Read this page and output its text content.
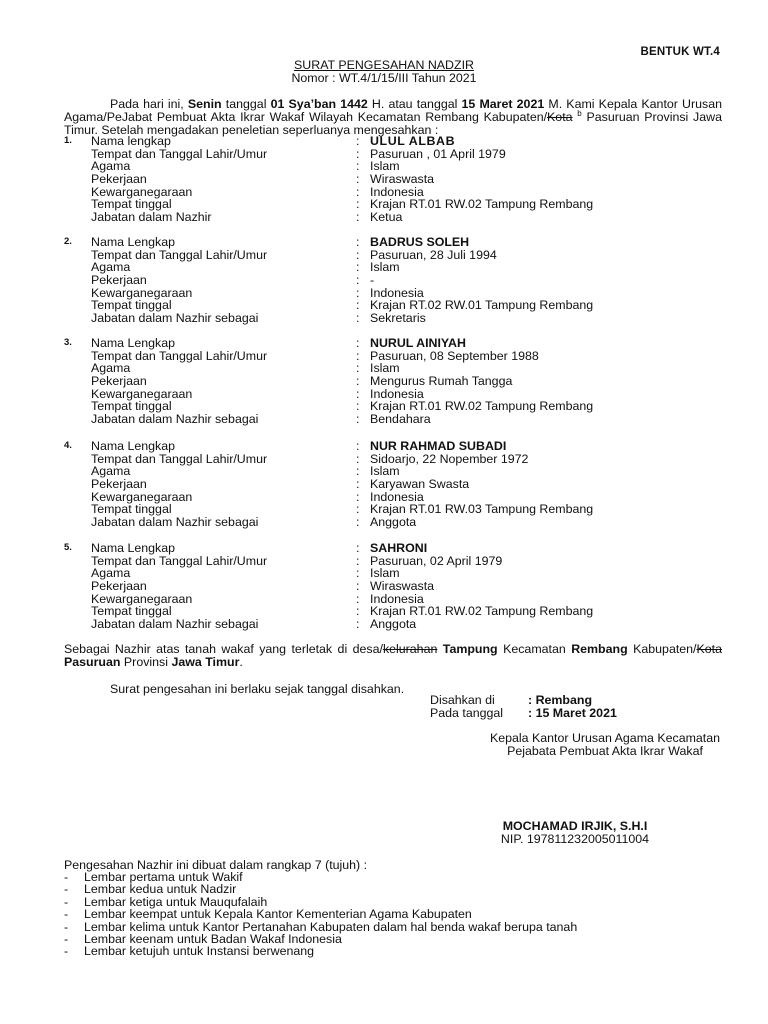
BENTUK WT.4
SURAT PENGESAHAN NADZIR
Nomor : WT.4/1/15/III Tahun 2021

Pada hari ini, Senin tanggal 01 Sya’ban 1442 H. atau tanggal 15 Maret 2021 M. Kami Kepala Kantor Urusan Agama/PeJabat Pembuat Akta Ikrar Wakaf Wilayah Kecamatan Rembang Kabupaten/Kota $^b$ Pasuruan Provinsi Jawa Timur. Setelah mengadakan peneletian seperluanya mengesahkan :

1. Nama lengkap	: ULUL ALBAB
Tempat dan Tanggal Lahir/Umur	: Pasuruan , 01 April 1979
Agama	: Islam
Pekerjaan	: Wiraswasta
Kewarganegaraan	: Indonesia
Tempat tinggal	: Krajan RT.01 RW.02 Tampung Rembang
Jabatan dalam Nazhir	: Ketua
2. Nama Lengkap	: BADRUS SOLEH
Tempat dan Tanggal Lahir/Umur	: Pasuruan, 28 Juli 1994
Agama	: Islam
Pekerjaan	: -
Kewarganegaraan	: Indonesia
Tempat tinggal	: Krajan RT.02 RW.01 Tampung Rembang
Jabatan dalam Nazhir sebagai	: Sekretaris
3. Nama Lengkap	: NURUL AINIYAH
Tempat dan Tanggal Lahir/Umur	: Pasuruan, 08 September 1988
Agama	: Islam
Pekerjaan	: Mengurus Rumah Tangga
Kewarganegaraan	: Indonesia
Tempat tinggal	: Krajan RT.01 RW.02 Tampung Rembang
Jabatan dalam Nazhir sebagai	: Bendahara
4. Nama Lengkap	: NUR RAHMAD SUBADI
Tempat dan Tanggal Lahir/Umur	: Sidoarjo, 22 Nopember 1972
Agama	: Islam
Pekerjaan	: Karyawan Swasta
Kewarganegaraan	: Indonesia
Tempat tinggal	: Krajan RT.01 RW.03 Tampung Rembang
Jabatan dalam Nazhir sebagai	: Anggota
5. Nama Lengkap	: SAHRONI
Tempat dan Tanggal Lahir/Umur	: Pasuruan, 02 April 1979
Agama	: Islam
Pekerjaan	: Wiraswasta
Kewarganegaraan	: Indonesia
Tempat tinggal	: Krajan RT.01 RW.02 Tampung Rembang
Jabatan dalam Nazhir sebagai	: Anggota
Sebagai Nazhir atas tanah wakaf yang terletak di desa/kelurahan Tampung Kecamatan Rembang Kabupaten/Kota Pasuruan Provinsi Jawa Timur.
Surat pengesahan ini berlaku sejak tanggal disahkan.
Disahkan di	: Rembang
Pada tanggal : 15 Maret 2021
Kepala Kantor Urusan Agama Kecamatan
Pejabata Pembuat Akta Ikrar Wakaf
MOCHAMAD IRJIK, S.H.I
NIP. 197811232005011004
Pengesahan Nazhir ini dibuat dalam rangkap 7 (tujuh) :
- Lembar pertama untuk Wakif
- Lembar kedua untuk Nadzir
- Lembar ketiga untuk Mauqufalaih
- Lembar keempat untuk Kepala Kantor Kementerian Agama Kabupaten
- Lembar kelima untuk Kantor Pertanahan Kabupaten dalam hal benda wakaf berupa tanah
- Lembar keenam untuk Badan Wakaf Indonesia
- Lembar ketujuh untuk Instansi berwenang
